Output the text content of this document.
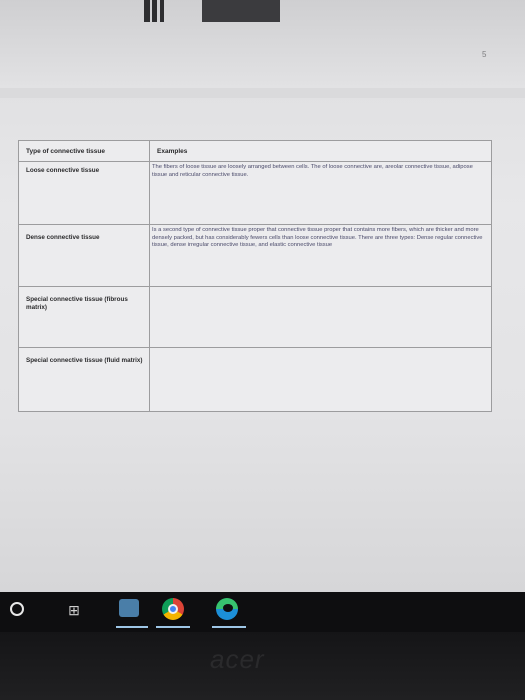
5
Type of connective tissue	Examples

Loose connective tissue	The fibers of loose tissue are loosely arranged between cells. The of loose connective are, areolar connective tissue, adipose tissue and reticular connective tissue.

Dense connective tissue	Is a second type of connective tissue proper that connective tissue proper that contains more fibers, which are thicker and more densely packed, but has considerably fewers cells than loose connective tissue. There are three types: Dense regular connective tissue, dense irregular connective tissue, and elastic connective tissue

Special connective tissue (fibrous matrix)	

Special connective tissue (fluid matrix)	

⊞
acer
